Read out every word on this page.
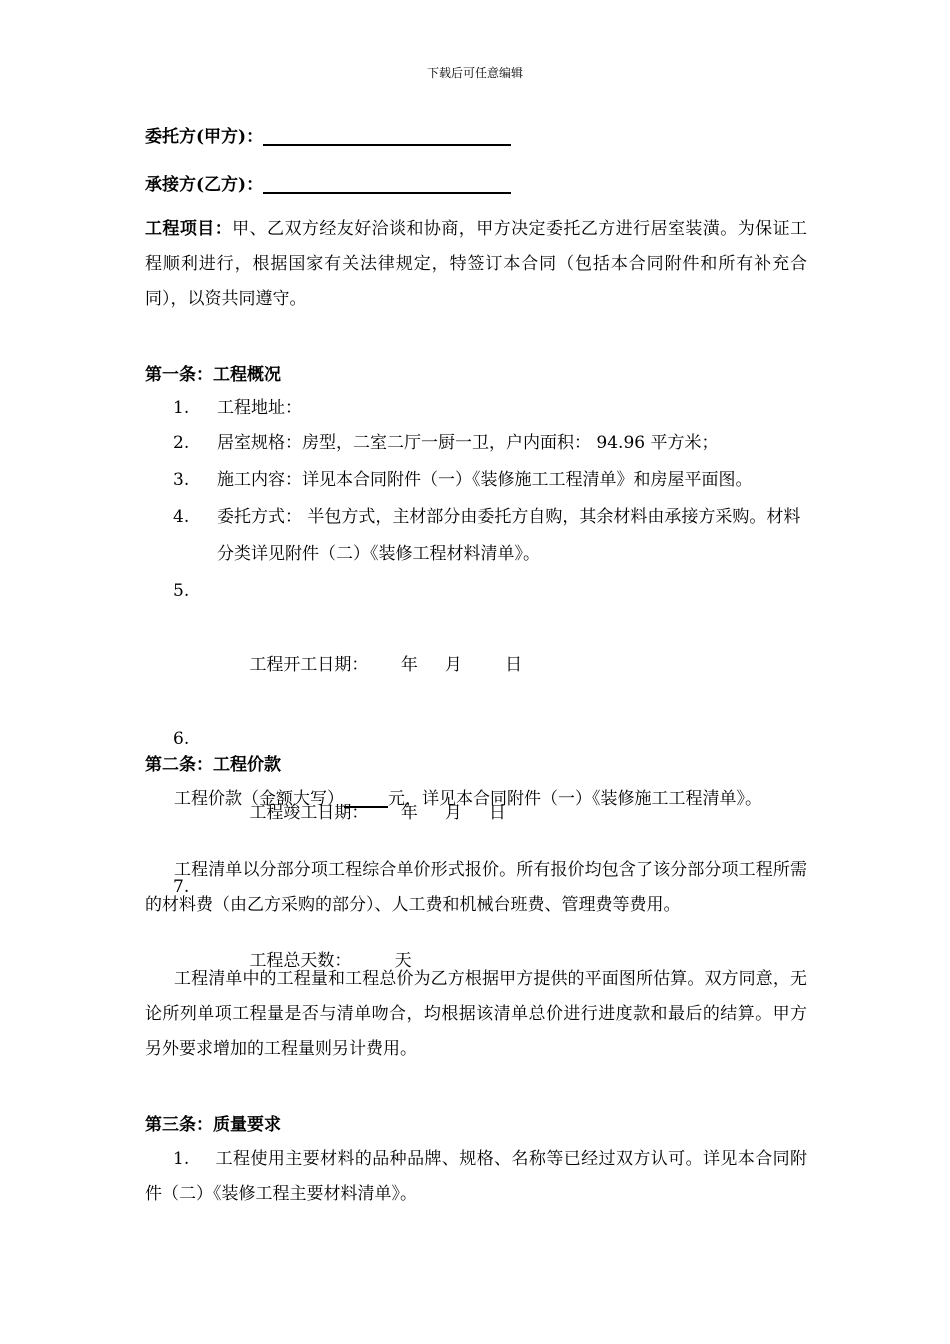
下载后可任意编辑
委托方(甲方)：
承接方(乙方)：
工程项目：甲、乙双方经友好洽谈和协商，甲方决定委托乙方进行居室装潢。为保证工程顺利进行，根据国家有关法律规定，特签订本合同（包括本合同附件和所有补充合同），以资共同遵守。
第一条：工程概况
1. 工程地址：
2. 居室规格：房型，二室二厅一厨一卫，户内面积： 94.96 平方米；
3. 施工内容：详见本合同附件（一）《装修施工工程清单》和房屋平面图。
4. 委托方式： 半包方式，主材部分由委托方自购，其余材料由承接方采购。材料分类详见附件（二）《装修工程材料清单》。

5.

工程开工日期：      年     月        日

6.

工程竣工日期：      年     月     日

7.

工程总天数：        天

第二条：工程价款
工程价款（金额大写）	元，详见本合同附件（一）《装修施工工程清单》。
工程清单以分部分项工程综合单价形式报价。所有报价均包含了该分部分项工程所需的材料费（由乙方采购的部分）、人工费和机械台班费、管理费等费用。
工程清单中的工程量和工程总价为乙方根据甲方提供的平面图所估算。双方同意，无论所列单项工程量是否与清单吻合，均根据该清单总价进行进度款和最后的结算。甲方另外要求增加的工程量则另计费用。
第三条：质量要求
1. 工程使用主要材料的品种品牌、规格、名称等已经过双方认可。详见本合同附件（二）《装修工程主要材料清单》。
